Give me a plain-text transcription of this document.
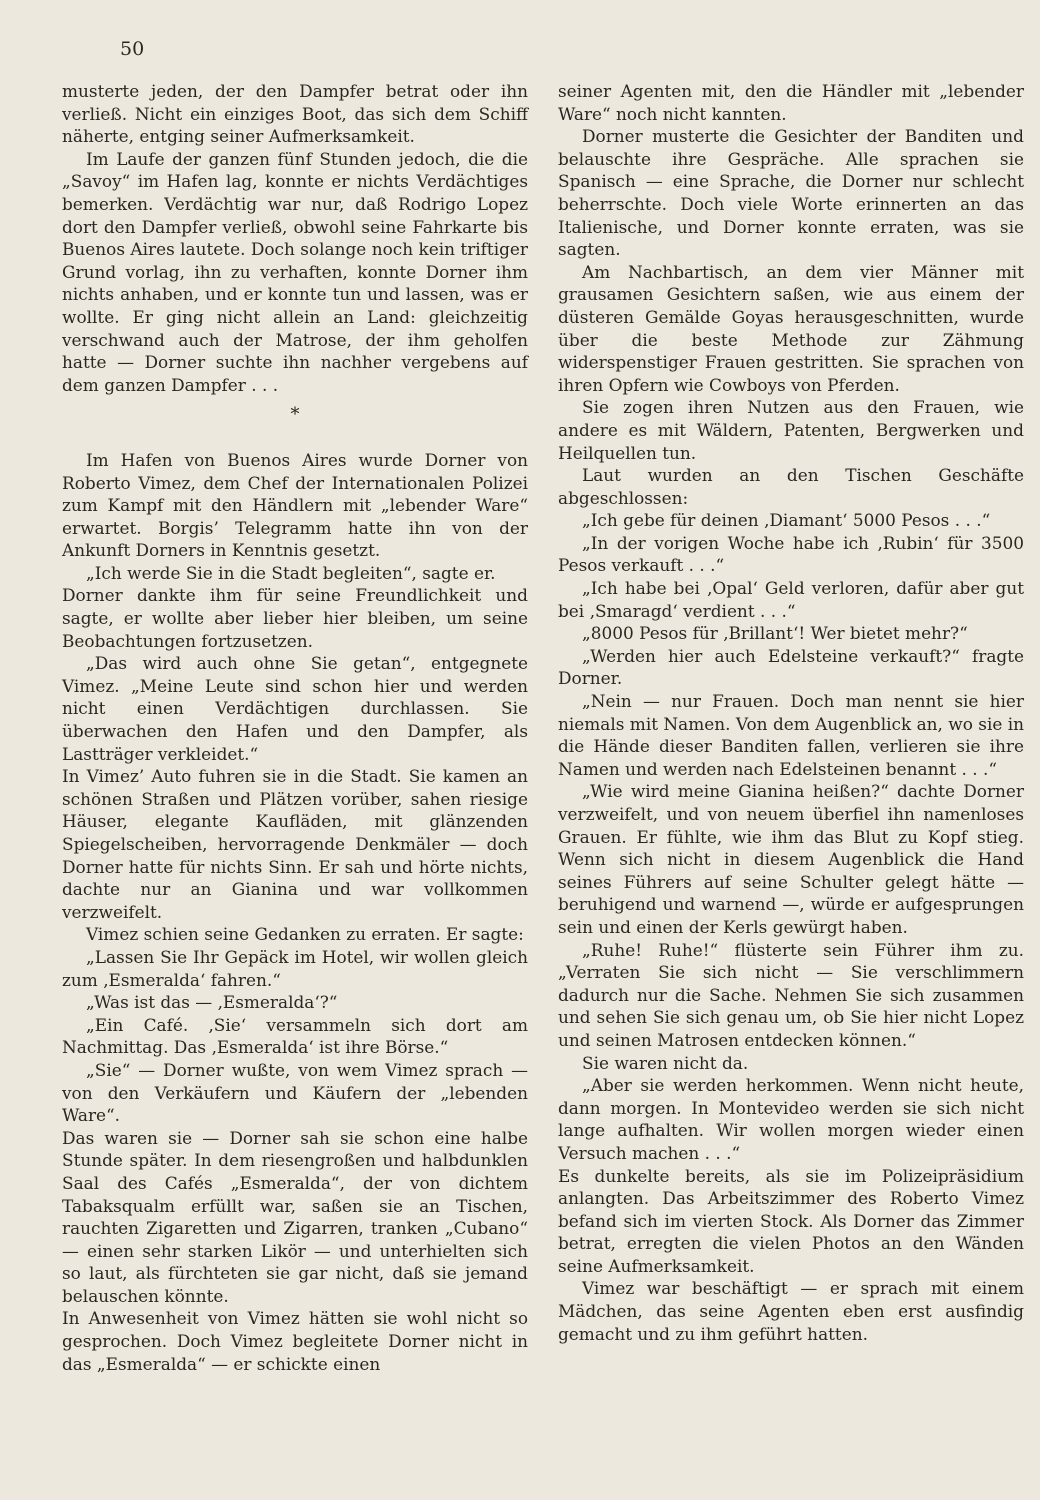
50

musterte jeden, der den Dampfer betrat oder ihn verließ. Nicht ein einziges Boot, das sich dem Schiff näherte, entging seiner Aufmerksamkeit.

Im Laufe der ganzen fünf Stunden jedoch, die die „Savoy“ im Hafen lag, konnte er nichts Verdächtiges bemerken. Verdächtig war nur, daß Rodrigo Lopez dort den Dampfer verließ, obwohl seine Fahrkarte bis Buenos Aires lautete. Doch solange noch kein triftiger Grund vorlag, ihn zu verhaften, konnte Dorner ihm nichts anhaben, und er konnte tun und lassen, was er wollte. Er ging nicht allein an Land: gleichzeitig verschwand auch der Matrose, der ihm geholfen hatte — Dorner suchte ihn nachher vergebens auf dem ganzen Dampfer . . .

*

Im Hafen von Buenos Aires wurde Dorner von Roberto Vimez, dem Chef der Internationalen Polizei zum Kampf mit den Händlern mit „lebender Ware“ erwartet. Borgis’ Telegramm hatte ihn von der Ankunft Dorners in Kenntnis gesetzt.

„Ich werde Sie in die Stadt begleiten“, sagte er.

Dorner dankte ihm für seine Freundlichkeit und sagte, er wollte aber lieber hier bleiben, um seine Beobachtungen fortzusetzen.

„Das wird auch ohne Sie getan“, entgegnete Vimez. „Meine Leute sind schon hier und werden nicht einen Verdächtigen durchlassen. Sie überwachen den Hafen und den Dampfer, als Lastträger verkleidet.“

In Vimez’ Auto fuhren sie in die Stadt. Sie kamen an schönen Straßen und Plätzen vorüber, sahen riesige Häuser, elegante Kaufläden, mit glänzenden Spiegelscheiben, hervorragende Denkmäler — doch Dorner hatte für nichts Sinn. Er sah und hörte nichts, dachte nur an Gianina und war vollkommen verzweifelt.

Vimez schien seine Gedanken zu erraten. Er sagte:

„Lassen Sie Ihr Gepäck im Hotel, wir wollen gleich zum ‚Esmeralda‘ fahren.“

„Was ist das — ‚Esmeralda‘?“

„Ein Café. ‚Sie‘ versammeln sich dort am Nachmittag. Das ‚Esmeralda‘ ist ihre Börse.“

„Sie“ — Dorner wußte, von wem Vimez sprach — von den Verkäufern und Käufern der „lebenden Ware“.

Das waren sie — Dorner sah sie schon eine halbe Stunde später. In dem riesengroßen und halbdunklen Saal des Cafés „Esmeralda“, der von dichtem Tabaksqualm erfüllt war, saßen sie an Tischen, rauchten Zigaretten und Zigarren, tranken „Cubano“ — einen sehr starken Likör — und unterhielten sich so laut, als fürchteten sie gar nicht, daß sie jemand belauschen könnte.

In Anwesenheit von Vimez hätten sie wohl nicht so gesprochen. Doch Vimez begleitete Dorner nicht in das „Esmeralda“ — er schickte einen

seiner Agenten mit, den die Händler mit „lebender Ware“ noch nicht kannten.

Dorner musterte die Gesichter der Banditen und belauschte ihre Gespräche. Alle sprachen sie Spanisch — eine Sprache, die Dorner nur schlecht beherrschte. Doch viele Worte erinnerten an das Italienische, und Dorner konnte erraten, was sie sagten.

Am Nachbartisch, an dem vier Männer mit grausamen Gesichtern saßen, wie aus einem der düsteren Gemälde Goyas herausgeschnitten, wurde über die beste Methode zur Zähmung widerspenstiger Frauen gestritten. Sie sprachen von ihren Opfern wie Cowboys von Pferden.

Sie zogen ihren Nutzen aus den Frauen, wie andere es mit Wäldern, Patenten, Bergwerken und Heilquellen tun.

Laut wurden an den Tischen Geschäfte abgeschlossen:

„Ich gebe für deinen ‚Diamant‘ 5000 Pesos . . .“

„In der vorigen Woche habe ich ‚Rubin‘ für 3500 Pesos verkauft . . .“

„Ich habe bei ‚Opal‘ Geld verloren, dafür aber gut bei ‚Smaragd‘ verdient . . .“

„8000 Pesos für ‚Brillant‘! Wer bietet mehr?“

„Werden hier auch Edelsteine verkauft?“ fragte Dorner.

„Nein — nur Frauen. Doch man nennt sie hier niemals mit Namen. Von dem Augenblick an, wo sie in die Hände dieser Banditen fallen, verlieren sie ihre Namen und werden nach Edelsteinen benannt . . .“

„Wie wird meine Gianina heißen?“ dachte Dorner verzweifelt, und von neuem überfiel ihn namenloses Grauen. Er fühlte, wie ihm das Blut zu Kopf stieg. Wenn sich nicht in diesem Augenblick die Hand seines Führers auf seine Schulter gelegt hätte — beruhigend und warnend —, würde er aufgesprungen sein und einen der Kerls gewürgt haben.

„Ruhe! Ruhe!“ flüsterte sein Führer ihm zu. „Verraten Sie sich nicht — Sie verschlimmern dadurch nur die Sache. Nehmen Sie sich zusammen und sehen Sie sich genau um, ob Sie hier nicht Lopez und seinen Matrosen entdecken können.“

Sie waren nicht da.

„Aber sie werden herkommen. Wenn nicht heute, dann morgen. In Montevideo werden sie sich nicht lange aufhalten. Wir wollen morgen wieder einen Versuch machen . . .“

Es dunkelte bereits, als sie im Polizeipräsidium anlangten. Das Arbeitszimmer des Roberto Vimez befand sich im vierten Stock. Als Dorner das Zimmer betrat, erregten die vielen Photos an den Wänden seine Aufmerksamkeit.

Vimez war beschäftigt — er sprach mit einem Mädchen, das seine Agenten eben erst ausfindig gemacht und zu ihm geführt hatten.
